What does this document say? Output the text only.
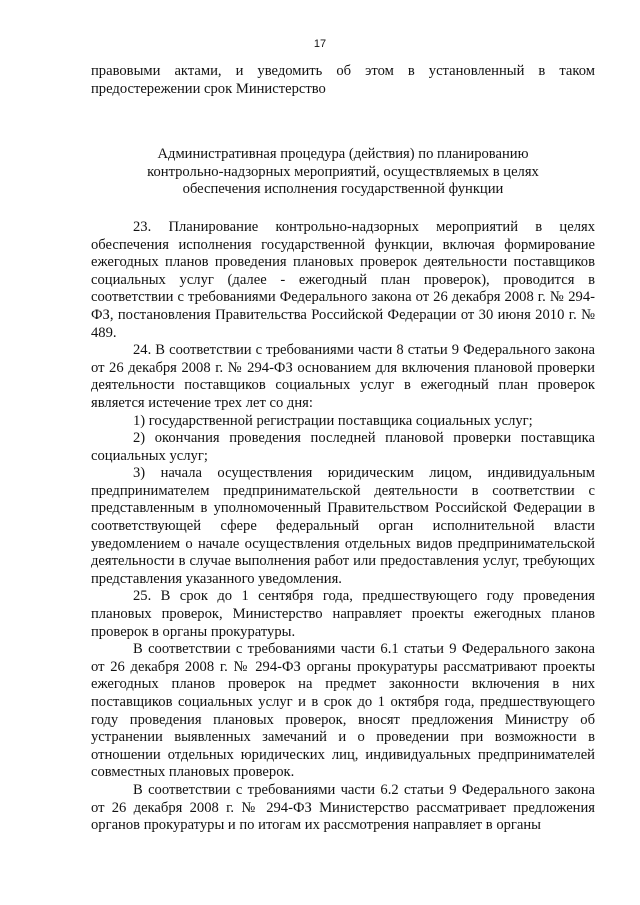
17

правовыми актами, и уведомить об этом в установленный в таком предостережении срок Министерство

Административная процедура (действия) по планированию
контрольно-надзорных мероприятий, осуществляемых в целях
обеспечения исполнения государственной функции

23. Планирование контрольно-надзорных мероприятий в целях обеспечения исполнения государственной функции, включая формирование ежегодных планов проведения плановых проверок деятельности поставщиков социальных услуг (далее - ежегодный план проверок), проводится в соответствии с требованиями Федерального закона от 26 декабря 2008 г. № 294-ФЗ, постановления Правительства Российской Федерации от 30 июня 2010 г. № 489.

24. В соответствии с требованиями части 8 статьи 9 Федерального закона от 26 декабря 2008 г. № 294-ФЗ основанием для включения плановой проверки деятельности поставщиков социальных услуг в ежегодный план проверок является истечение трех лет со дня:

1) государственной регистрации поставщика социальных услуг;

2) окончания проведения последней плановой проверки поставщика социальных услуг;

3) начала осуществления юридическим лицом, индивидуальным предпринимателем предпринимательской деятельности в соответствии с представленным в уполномоченный Правительством Российской Федерации в соответствующей сфере федеральный орган исполнительной власти уведомлением о начале осуществления отдельных видов предпринимательской деятельности в случае выполнения работ или предоставления услуг, требующих представления указанного уведомления.

25. В срок до 1 сентября года, предшествующего году проведения плановых проверок, Министерство направляет проекты ежегодных планов проверок в органы прокуратуры.

В соответствии с требованиями части 6.1 статьи 9 Федерального закона от 26 декабря 2008 г. № 294-ФЗ органы прокуратуры рассматривают проекты ежегодных планов проверок на предмет законности включения в них поставщиков социальных услуг и в срок до 1 октября года, предшествующего году проведения плановых проверок, вносят предложения Министру об устранении выявленных замечаний и о проведении при возможности в отношении отдельных юридических лиц, индивидуальных предпринимателей совместных плановых проверок.

В соответствии с требованиями части 6.2 статьи 9 Федерального закона от 26 декабря 2008 г. № 294-ФЗ Министерство рассматривает предложения органов прокуратуры и по итогам их рассмотрения направляет в органы
